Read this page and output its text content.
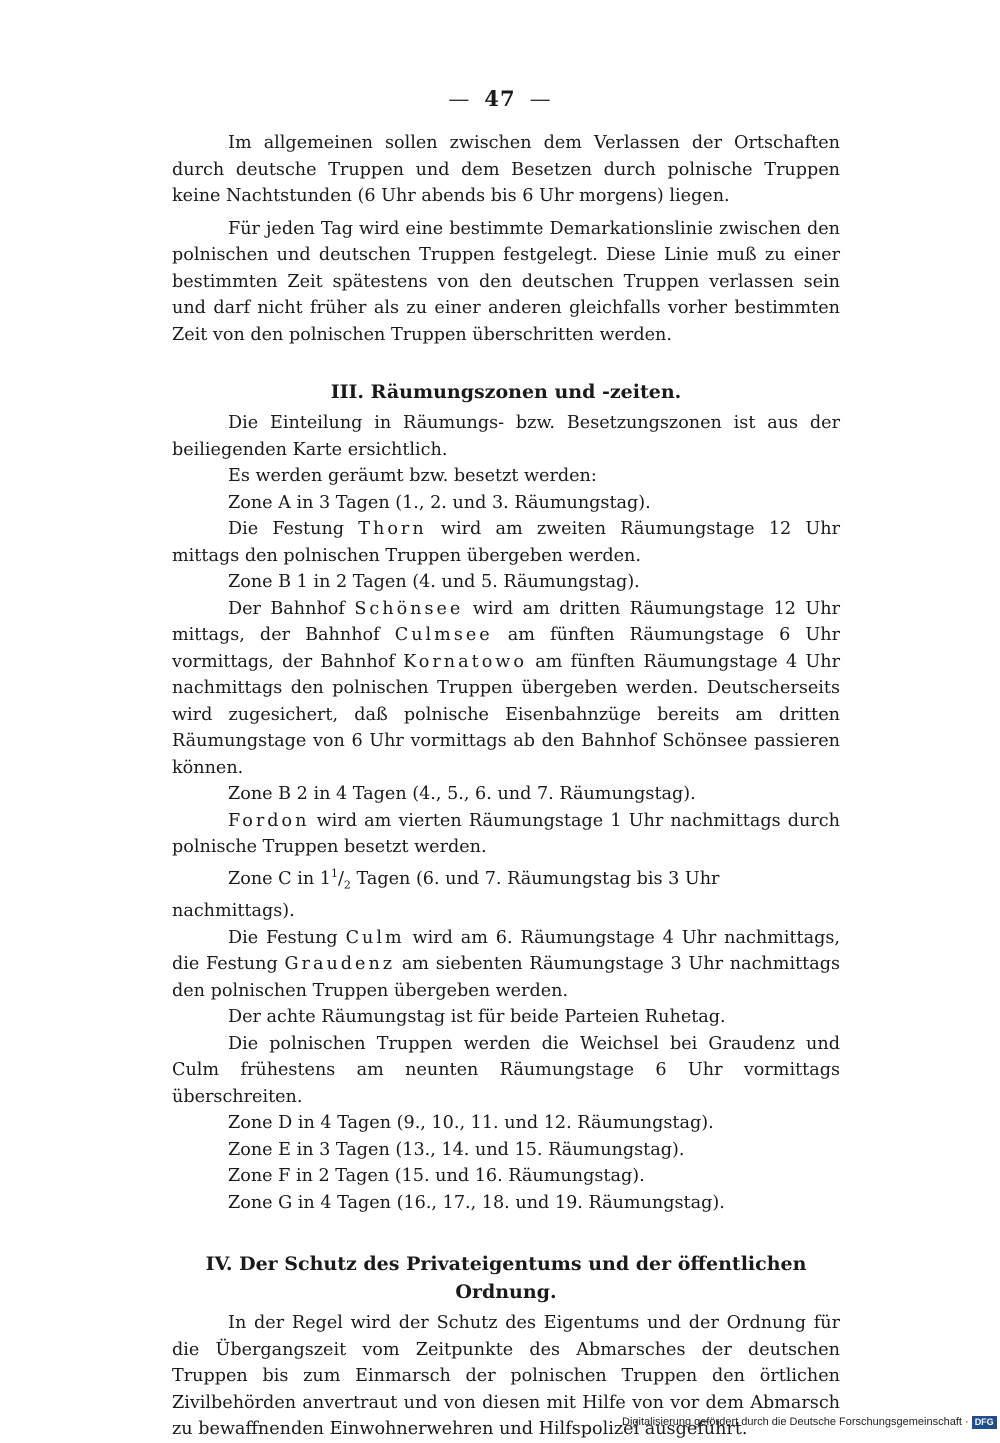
— 47 —

Im allgemeinen sollen zwischen dem Verlassen der Ortschaften durch deutsche Truppen und dem Besetzen durch polnische Truppen keine Nachtstunden (6 Uhr abends bis 6 Uhr morgens) liegen.

Für jeden Tag wird eine bestimmte Demarkationslinie zwischen den polnischen und deutschen Truppen festgelegt. Diese Linie muß zu einer bestimmten Zeit spätestens von den deutschen Truppen verlassen sein und darf nicht früher als zu einer anderen gleichfalls vorher bestimmten Zeit von den polnischen Truppen überschritten werden.

III. Räumungszonen und -zeiten.

Die Einteilung in Räumungs- bzw. Besetzungszonen ist aus der beiliegenden Karte ersichtlich.

Es werden geräumt bzw. besetzt werden:

Zone A in 3 Tagen (1., 2. und 3. Räumungstag).

Die Festung Thorn wird am zweiten Räumungstage 12 Uhr mittags den polnischen Truppen übergeben werden.

Zone B 1 in 2 Tagen (4. und 5. Räumungstag).

Der Bahnhof Schönsee wird am dritten Räumungstage 12 Uhr mittags, der Bahnhof Culmsee am fünften Räumungstage 6 Uhr vormittags, der Bahnhof Kornatowo am fünften Räumungstage 4 Uhr nachmittags den polnischen Truppen übergeben werden. Deutscherseits wird zugesichert, daß polnische Eisenbahnzüge bereits am dritten Räumungstage von 6 Uhr vormittags ab den Bahnhof Schönsee passieren können.

Zone B 2 in 4 Tagen (4., 5., 6. und 7. Räumungstag).

Fordon wird am vierten Räumungstage 1 Uhr nachmittags durch polnische Truppen besetzt werden.

Zone C in $1^1/_2$ Tagen (6. und 7. Räumungstag bis 3 Uhr nachmittags).

Die Festung Culm wird am 6. Räumungstage 4 Uhr nachmittags, die Festung Graudenz am siebenten Räumungstage 3 Uhr nachmittags den polnischen Truppen übergeben werden.

Der achte Räumungstag ist für beide Parteien Ruhetag.

Die polnischen Truppen werden die Weichsel bei Graudenz und Culm frühestens am neunten Räumungstage 6 Uhr vormittags überschreiten.

Zone D in 4 Tagen (9., 10., 11. und 12. Räumungstag).

Zone E in 3 Tagen (13., 14. und 15. Räumungstag).

Zone F in 2 Tagen (15. und 16. Räumungstag).

Zone G in 4 Tagen (16., 17., 18. und 19. Räumungstag).

IV. Der Schutz des Privateigentums und der öffentlichen Ordnung.

In der Regel wird der Schutz des Eigentums und der Ordnung für die Übergangszeit vom Zeitpunkte des Abmarsches der deutschen Truppen bis zum Einmarsch der polnischen Truppen den örtlichen Zivilbehörden anvertraut und von diesen mit Hilfe von vor dem Abmarsch zu bewaffnenden Einwohnerwehren und Hilfspolizei ausgeführt.

Digitalisierung gefördert durch die Deutsche Forschungsgemeinschaft · DFG
